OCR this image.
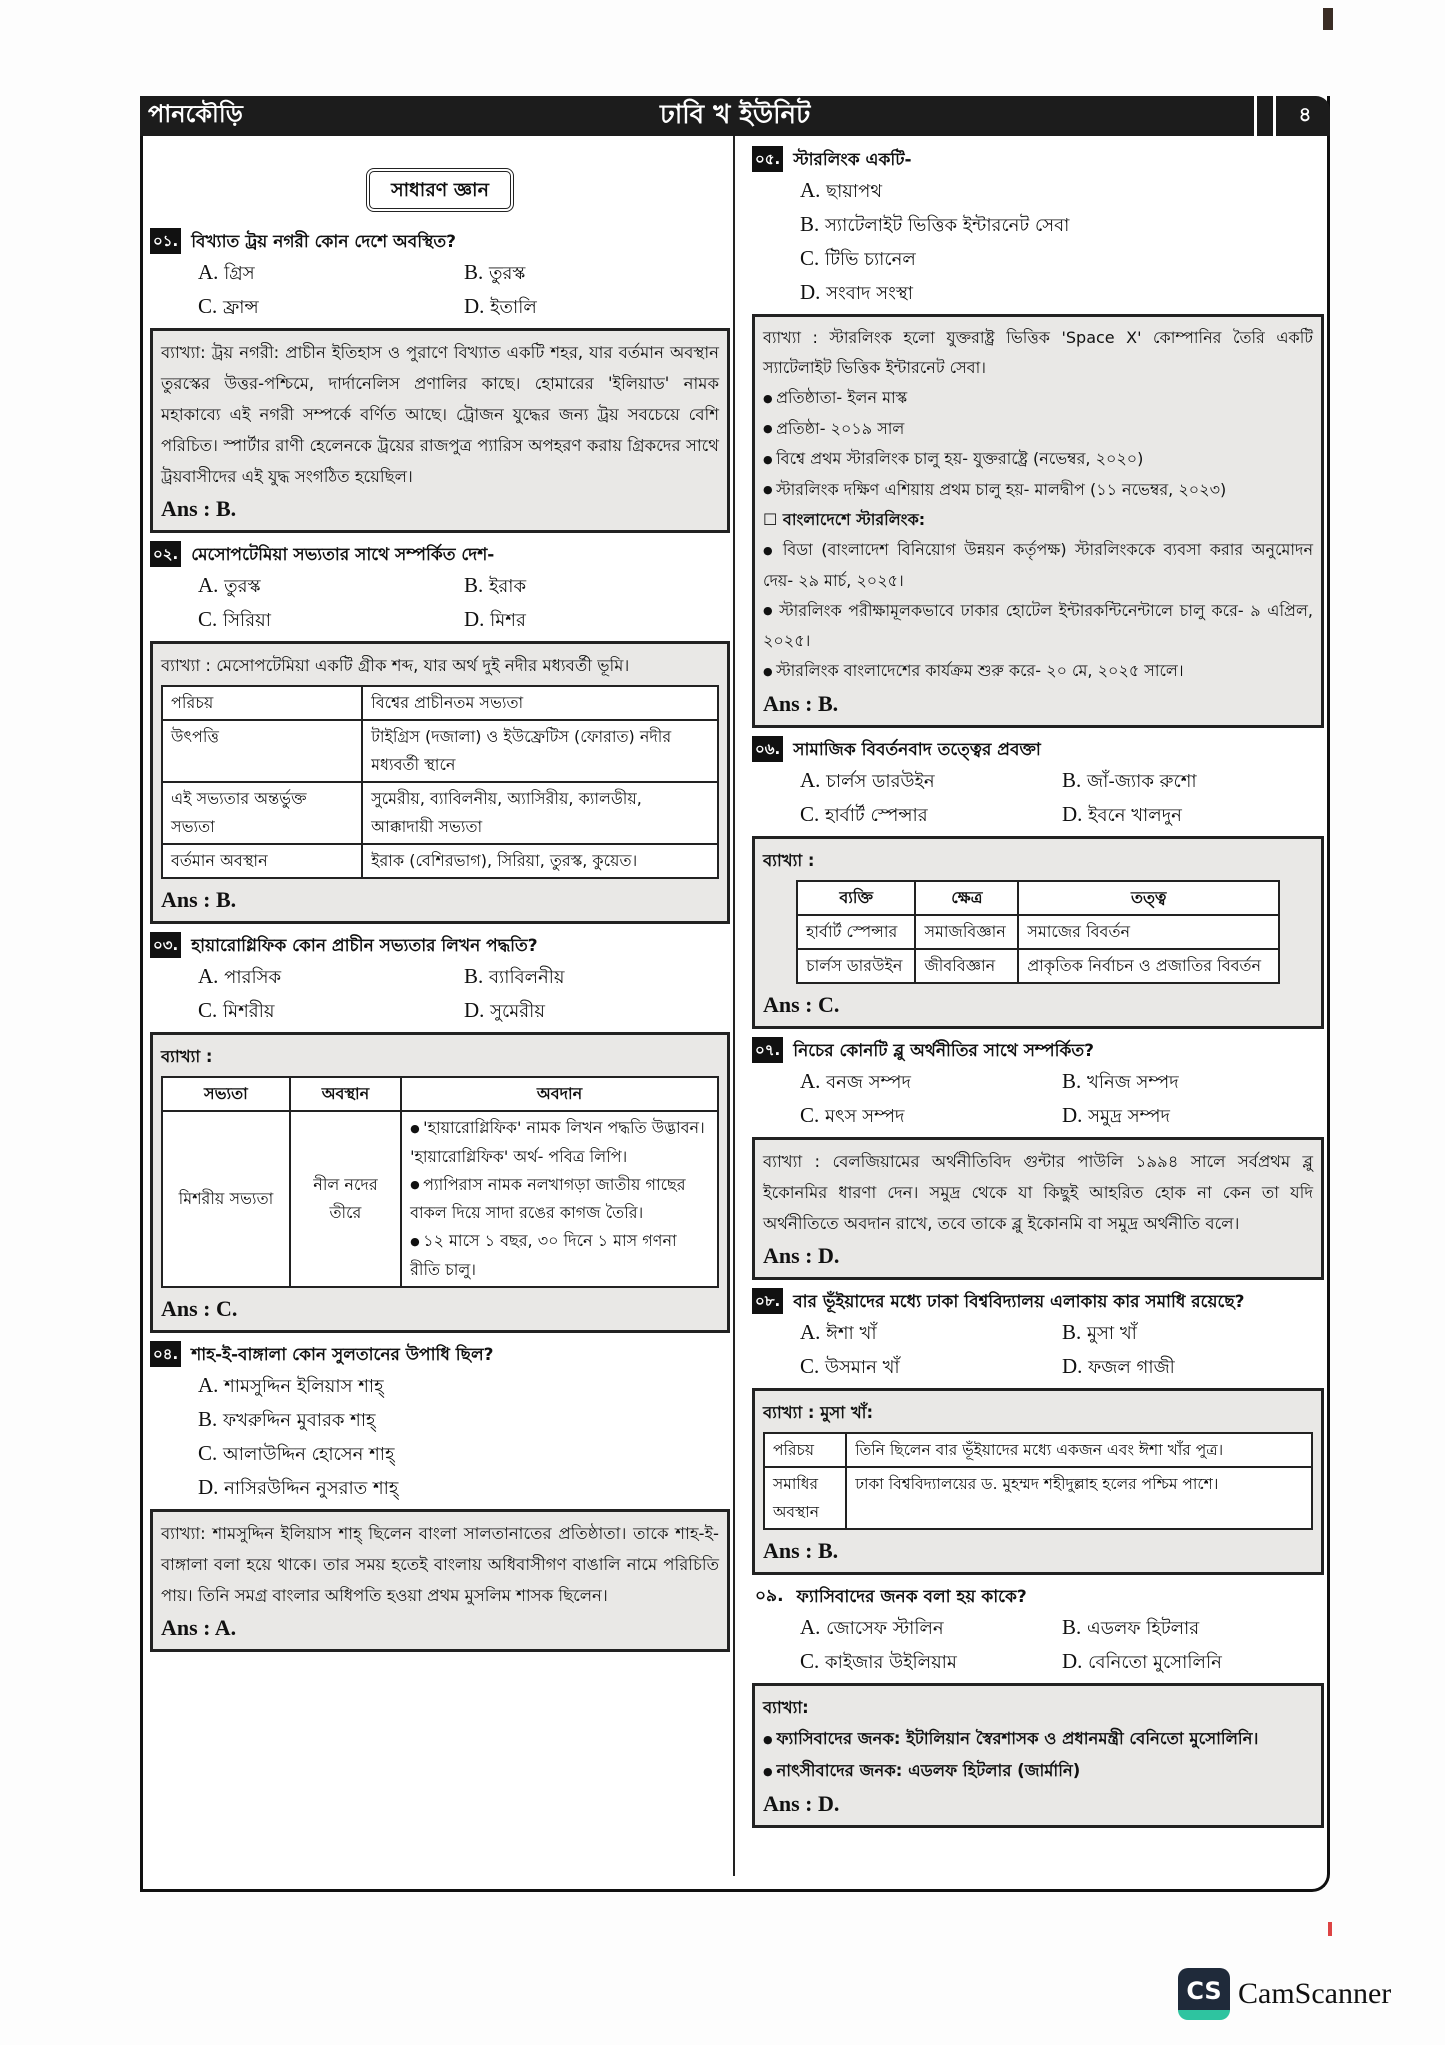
পানকৌড়ি	ঢাবি খ ইউনিট	৪
সাধারণ জ্ঞান
০১. বিখ্যাত ট্রয় নগরী কোন দেশে অবস্থিত?
A. গ্রিস	B. তুরস্ক
C. ফ্রান্স	D. ইতালি
ব্যাখ্যা: ট্রয় নগরী: প্রাচীন ইতিহাস ও পুরাণে বিখ্যাত একটি শহর, যার বর্তমান অবস্থান তুরস্কের উত্তর-পশ্চিমে, দার্দানেলিস প্রণালির কাছে। হোমারের 'ইলিয়াড' নামক মহাকাব্যে এই নগরী সম্পর্কে বর্ণিত আছে। ট্রোজন যুদ্ধের জন্য ট্রয় সবচেয়ে বেশি পরিচিত। স্পার্টার রাণী হেলেনকে ট্রয়ের রাজপুত্র প্যারিস অপহরণ করায় গ্রিকদের সাথে ট্রয়বাসীদের এই যুদ্ধ সংগঠিত হয়েছিল।
Ans : B.
০২. মেসোপটেমিয়া সভ্যতার সাথে সম্পর্কিত দেশ-
A. তুরস্ক	B. ইরাক
C. সিরিয়া	D. মিশর
ব্যাখ্যা : মেসোপটেমিয়া একটি গ্রীক শব্দ, যার অর্থ দুই নদীর মধ্যবর্তী ভূমি।
পরিচয়	বিশ্বের প্রাচীনতম সভ্যতা
উৎপত্তি	টাইগ্রিস (দজালা) ও ইউফ্রেটিস (ফোরাত) নদীর মধ্যবর্তী স্থানে
এই সভ্যতার অন্তর্ভুক্ত সভ্যতা	সুমেরীয়, ব্যাবিলনীয়, অ্যাসিরীয়, ক্যালডীয়, আক্কাদায়ী সভ্যতা
বর্তমান অবস্থান	ইরাক (বেশিরভাগ), সিরিয়া, তুরস্ক, কুয়েত।
Ans : B.
০৩. হায়ারোগ্লিফিক কোন প্রাচীন সভ্যতার লিখন পদ্ধতি?
A. পারসিক	B. ব্যাবিলনীয়
C. মিশরীয়	D. সুমেরীয়
ব্যাখ্যা :
সভ্যতা	অবস্থান	অবদান
মিশরীয় সভ্যতা	নীল নদের তীরে	● 'হায়ারোগ্লিফিক' নামক লিখন পদ্ধতি উদ্ভাবন। 'হায়ারোগ্লিফিক' অর্থ- পবিত্র লিপি।
● প্যাপিরাস নামক নলখাগড়া জাতীয় গাছের বাকল দিয়ে সাদা রঙের কাগজ তৈরি।
● ১২ মাসে ১ বছর, ৩০ দিনে ১ মাস গণনা রীতি চালু।
Ans : C.
০৪. শাহ-ই-বাঙ্গালা কোন সুলতানের উপাধি ছিল?
A. শামসুদ্দিন ইলিয়াস শাহ্
B. ফখরুদ্দিন মুবারক শাহ্
C. আলাউদ্দিন হোসেন শাহ্
D. নাসিরউদ্দিন নুসরাত শাহ্
ব্যাখ্যা: শামসুদ্দিন ইলিয়াস শাহ্ ছিলেন বাংলা সালতানাতের প্রতিষ্ঠাতা। তাকে শাহ-ই-বাঙ্গালা বলা হয়ে থাকে। তার সময় হতেই বাংলায় অধিবাসীগণ বাঙালি নামে পরিচিতি পায়। তিনি সমগ্র বাংলার অধিপতি হওয়া প্রথম মুসলিম শাসক ছিলেন।
Ans : A.
০৫. স্টারলিংক একটি-
A. ছায়াপথ
B. স্যাটেলাইট ভিত্তিক ইন্টারনেট সেবা
C. টিভি চ্যানেল
D. সংবাদ সংস্থা
ব্যাখ্যা : স্টারলিংক হলো যুক্তরাষ্ট্র ভিত্তিক 'Space X' কোম্পানির তৈরি একটি স্যাটেলাইট ভিত্তিক ইন্টারনেট সেবা।
● প্রতিষ্ঠাতা- ইলন মাস্ক
● প্রতিষ্ঠা- ২০১৯ সাল
● বিশ্বে প্রথম স্টারলিংক চালু হয়- যুক্তরাষ্ট্রে (নভেম্বর, ২০২০)
● স্টারলিংক দক্ষিণ এশিয়ায় প্রথম চালু হয়- মালদ্বীপ (১১ নভেম্বর, ২০২৩)
☐ বাংলাদেশে স্টারলিংক:
● বিডা (বাংলাদেশ বিনিয়োগ উন্নয়ন কর্তৃপক্ষ) স্টারলিংককে ব্যবসা করার অনুমোদন দেয়- ২৯ মার্চ, ২০২৫।
● স্টারলিংক পরীক্ষামূলকভাবে ঢাকার হোটেল ইন্টারকন্টিনেন্টালে চালু করে- ৯ এপ্রিল, ২০২৫।
● স্টারলিংক বাংলাদেশের কার্যক্রম শুরু করে- ২০ মে, ২০২৫ সালে।
Ans : B.
০৬. সামাজিক বিবর্তনবাদ তত্ত্বের প্রবক্তা
A. চার্লস ডারউইন	B. জাঁ-জ্যাক রুশো
C. হার্বার্ট স্পেন্সার	D. ইবনে খালদুন
ব্যাখ্যা :
ব্যক্তি	ক্ষেত্র	তত্ত্ব
হার্বার্ট স্পেন্সার	সমাজবিজ্ঞান	সমাজের বিবর্তন
চার্লস ডারউইন	জীববিজ্ঞান	প্রাকৃতিক নির্বাচন ও প্রজাতির বিবর্তন
Ans : C.
০৭. নিচের কোনটি ব্লু অর্থনীতির সাথে সম্পর্কিত?
A. বনজ সম্পদ	B. খনিজ সম্পদ
C. মৎস সম্পদ	D. সমুদ্র সম্পদ
ব্যাখ্যা : বেলজিয়ামের অর্থনীতিবিদ গুন্টার পাউলি ১৯৯৪ সালে সর্বপ্রথম ব্লু ইকোনমির ধারণা দেন। সমুদ্র থেকে যা কিছুই আহরিত হোক না কেন তা যদি অর্থনীতিতে অবদান রাখে, তবে তাকে ব্লু ইকোনমি বা সমুদ্র অর্থনীতি বলে।
Ans : D.
০৮. বার ভূঁইয়াদের মধ্যে ঢাকা বিশ্ববিদ্যালয় এলাকায় কার সমাধি রয়েছে?
A. ঈশা খাঁ	B. মুসা খাঁ
C. উসমান খাঁ	D. ফজল গাজী
ব্যাখ্যা : মুসা খাঁ:
পরিচয়	তিনি ছিলেন বার ভূঁইয়াদের মধ্যে একজন এবং ঈশা খাঁর পুত্র।
সমাধির অবস্থান	ঢাকা বিশ্ববিদ্যালয়ের ড. মুহম্মদ শহীদুল্লাহ হলের পশ্চিম পাশে।
Ans : B.
০৯. ফ্যাসিবাদের জনক বলা হয় কাকে?
A. জোসেফ স্টালিন	B. এডলফ হিটলার
C. কাইজার উইলিয়াম	D. বেনিতো মুসোলিনি
ব্যাখ্যা:
● ফ্যাসিবাদের জনক: ইটালিয়ান স্বৈরশাসক ও প্রধানমন্ত্রী বেনিতো মুসোলিনি।
● নাৎসীবাদের জনক: এডলফ হিটলার (জার্মানি)
Ans : D.
CS CamScanner
